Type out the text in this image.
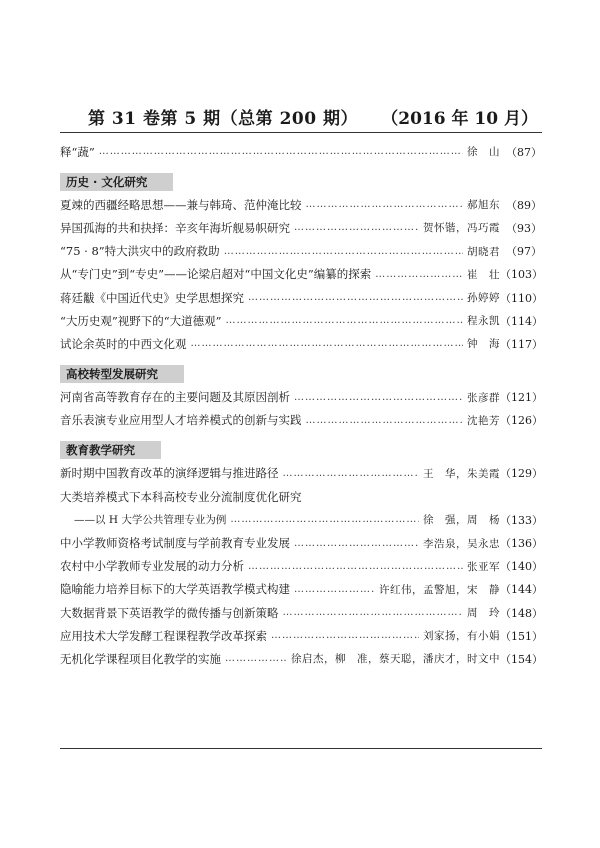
第 31 卷第 5 期（总第 200 期） （2016 年 10 月）
释“蔬” ……………………………………………………………………………………………………………………………………………………………………………………………………	徐　山 （87）
历史 · 文化研究
夏竦的西疆经略思想——兼与韩琦、范仲淹比较 ……………………………………………………………………………………………………………………………………………………………………………………………………	郝旭东 （89）
异国孤海的共和抉择：辛亥年海圻舰易帜研究 ……………………………………………………………………………………………………………………………………………………………………………………………………	贺怀锴，冯巧霞 （93）
“75 · 8”特大洪灾中的政府救助 ……………………………………………………………………………………………………………………………………………………………………………………………………	胡晓君 （97）
从“专门史”到“专史”——论梁启超对“中国文化史”编纂的探索 ……………………………………………………………………………………………………………………………………………………………………………………………………	崔　壮 （103）
蒋廷黻《中国近代史》史学思想探究 ……………………………………………………………………………………………………………………………………………………………………………………………………	孙婷婷 （110）
“大历史观”视野下的“大道德观” ……………………………………………………………………………………………………………………………………………………………………………………………………	程永凯 （114）
试论余英时的中西文化观 ……………………………………………………………………………………………………………………………………………………………………………………………………	钟　海 （117）
高校转型发展研究
河南省高等教育存在的主要问题及其原因剖析 ……………………………………………………………………………………………………………………………………………………………………………………………………	张彦群 （121）
音乐表演专业应用型人才培养模式的创新与实践 ……………………………………………………………………………………………………………………………………………………………………………………………………	沈艳芳 （126）
教育教学研究
新时期中国教育改革的演绎逻辑与推进路径 ……………………………………………………………………………………………………………………………………………………………………………………………………	王　华，朱美霞 （129）
大类培养模式下本科高校专业分流制度优化研究
——以 H 大学公共管理专业为例 ……………………………………………………………………………………………………………………………………………………………………………………………………	徐　强，周　杨 （133）
中小学教师资格考试制度与学前教育专业发展 ……………………………………………………………………………………………………………………………………………………………………………………………………	李浩泉，吴永忠 （136）
农村中小学教师专业发展的动力分析 ……………………………………………………………………………………………………………………………………………………………………………………………………	张亚军 （140）
隐喻能力培养目标下的大学英语教学模式构建 ……………………………………………………………………………………………………………………………………………………………………………………………………	许红伟，孟警旭，宋　静 （144）
大数据背景下英语教学的微传播与创新策略 ……………………………………………………………………………………………………………………………………………………………………………………………………	周　玲 （148）
应用技术大学发酵工程课程教学改革探索 ……………………………………………………………………………………………………………………………………………………………………………………………………	刘家扬，有小娟 （151）
无机化学课程项目化教学的实施 ……………………………………………………………………………………………………………………………………………………………………………………………………	徐启杰，柳　准，蔡天聪，潘庆才，时文中 （154）
